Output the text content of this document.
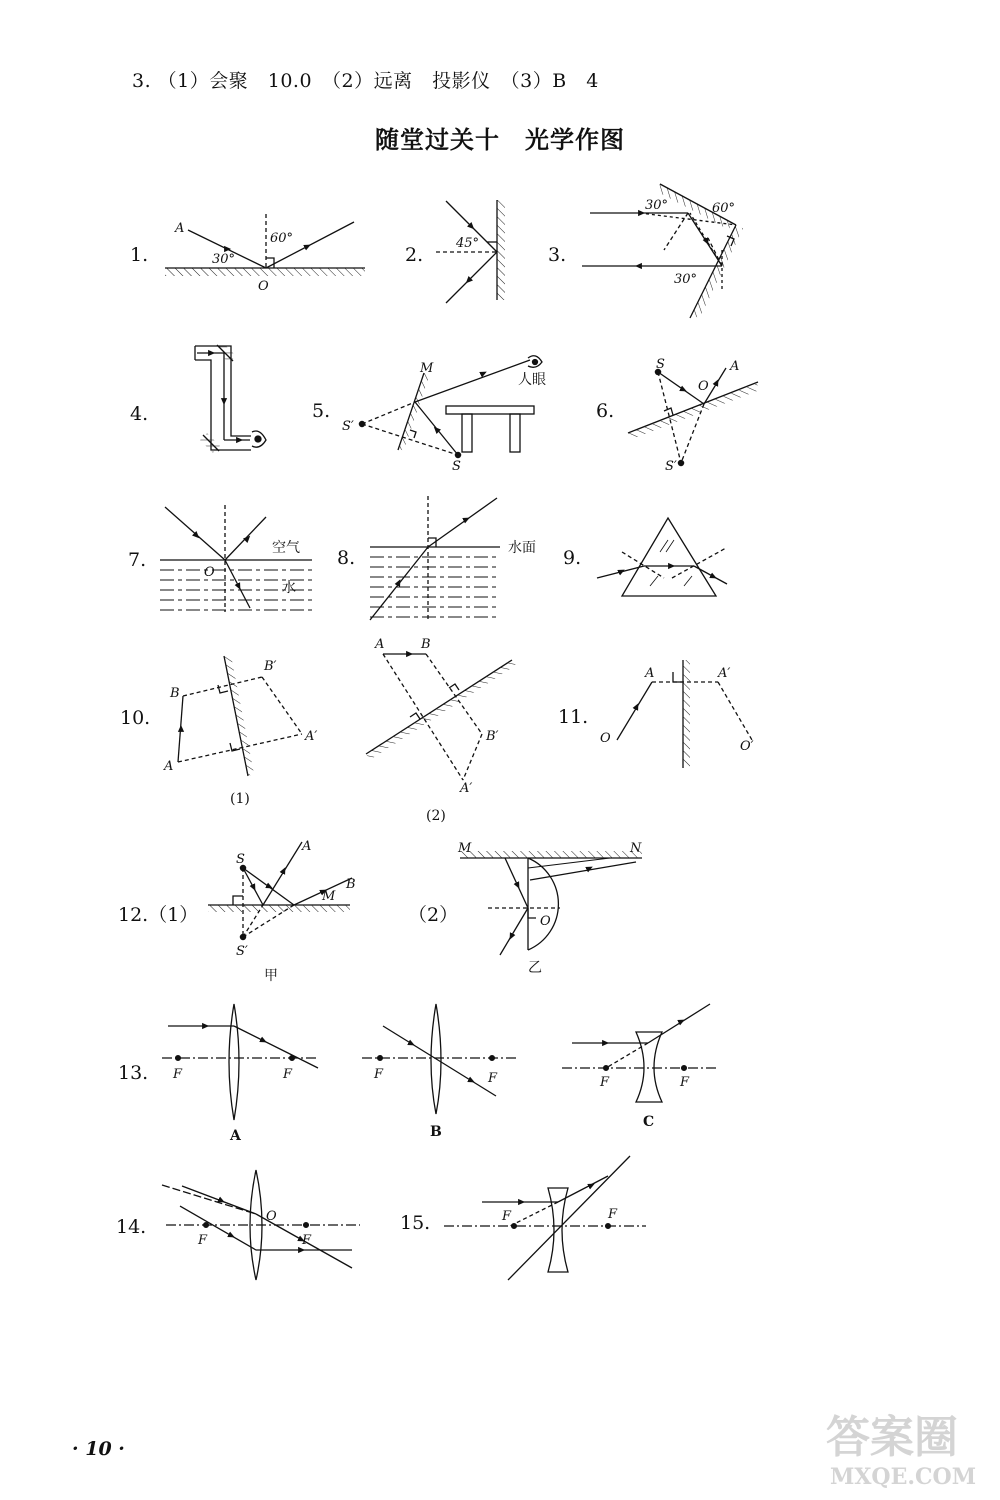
3. （1）会聚　10.0　（2）远离　投影仪　（3）B　4
随堂过关十　光学作图
1.	2.	3.
4.	5.	6.
7.	8.	9.
10.	11.
12.（1）	（2）
13.
14.	15.
A
30°
60°
O
45°
30°	60°
30°
M
S′
S
人眼
S
O
A
S′
O
空气
水
水面
B
A
B′
A′
(1)
A	B
B′
A′
(2)
O
A	A′
O′
S
A
M
B
S′
甲
M	N
O
乙
F	F
A
F	F
B
F	F
C
O
F	F
F	F
· 10 ·	答案圈
MXQE.COM
